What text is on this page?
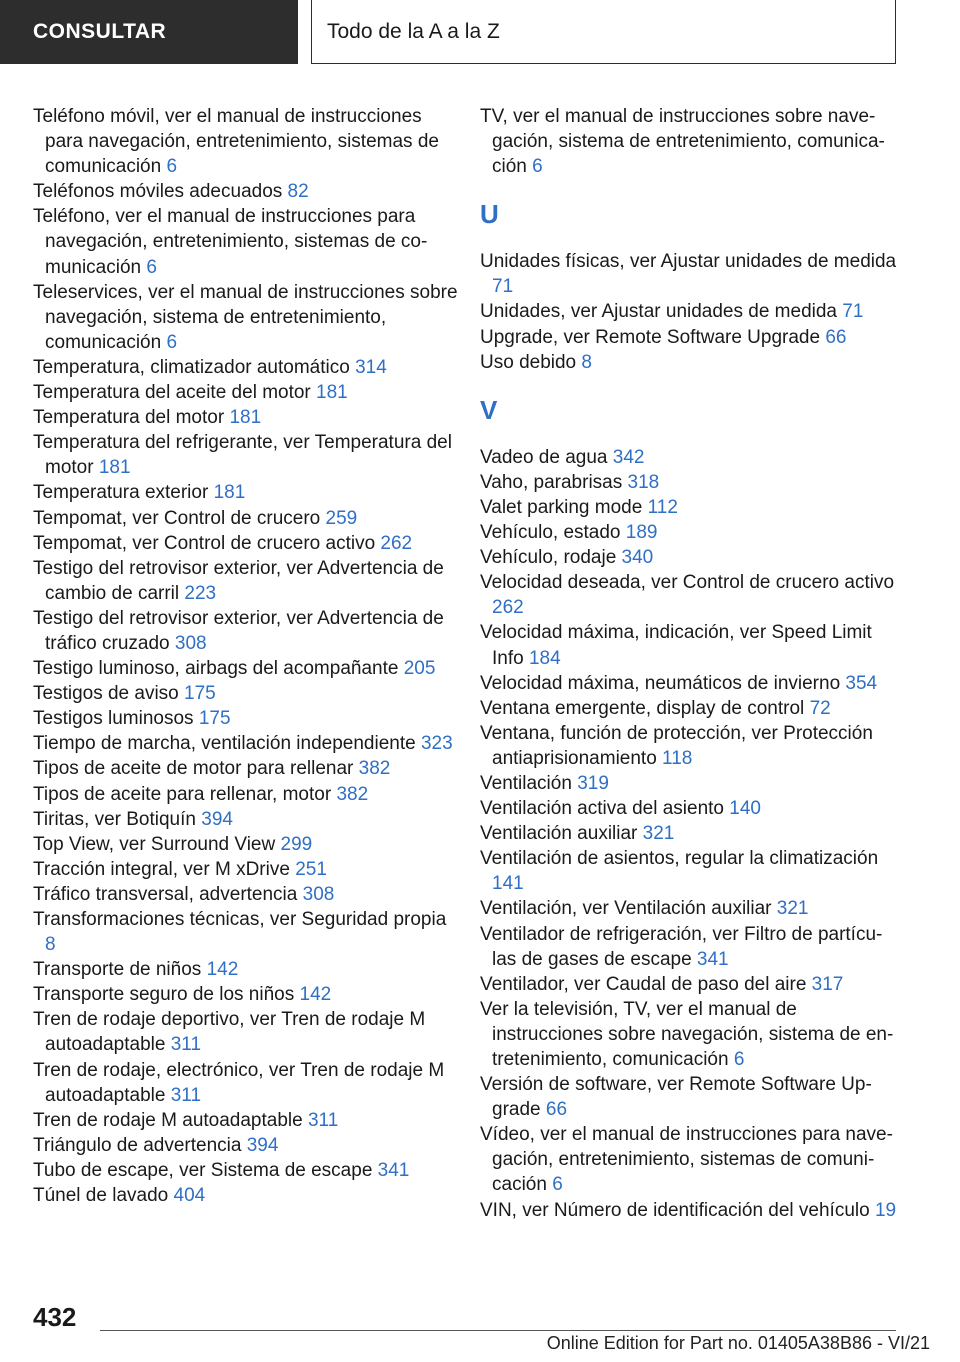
CONSULTAR	Todo de la A a la Z
Teléfono móvil, ver el manual de instrucciones para navegación, entretenimiento, sistemas de comunicación 6
Teléfonos móviles adecuados 82
Teléfono, ver el manual de instrucciones para navegación, entretenimiento, sistemas de comunicación 6
Teleservices, ver el manual de instrucciones sobre navegación, sistema de entretenimiento, comunicación 6
Temperatura, climatizador automático 314
Temperatura del aceite del motor 181
Temperatura del motor 181
Temperatura del refrigerante, ver Temperatura del motor 181
Temperatura exterior 181
Tempomat, ver Control de crucero 259
Tempomat, ver Control de crucero activo 262
Testigo del retrovisor exterior, ver Advertencia de cambio de carril 223
Testigo del retrovisor exterior, ver Advertencia de tráfico cruzado 308
Testigo luminoso, airbags del acompañante 205
Testigos de aviso 175
Testigos luminosos 175
Tiempo de marcha, ventilación independiente 323
Tipos de aceite de motor para rellenar 382
Tipos de aceite para rellenar, motor 382
Tiritas, ver Botiquín 394
Top View, ver Surround View 299
Tracción integral, ver M xDrive 251
Tráfico transversal, advertencia 308
Transformaciones técnicas, ver Seguridad propia 8
Transporte de niños 142
Transporte seguro de los niños 142
Tren de rodaje deportivo, ver Tren de rodaje M autoadaptable 311
Tren de rodaje, electrónico, ver Tren de rodaje M autoadaptable 311
Tren de rodaje M autoadaptable 311
Triángulo de advertencia 394
Tubo de escape, ver Sistema de escape 341
Túnel de lavado 404
TV, ver el manual de instrucciones sobre navegación, sistema de entretenimiento, comunicación 6
U
Unidades físicas, ver Ajustar unidades de medida 71
Unidades, ver Ajustar unidades de medida 71
Upgrade, ver Remote Software Upgrade 66
Uso debido 8
V
Vadeo de agua 342
Vaho, parabrisas 318
Valet parking mode 112
Vehículo, estado 189
Vehículo, rodaje 340
Velocidad deseada, ver Control de crucero activo 262
Velocidad máxima, indicación, ver Speed Limit Info 184
Velocidad máxima, neumáticos de invierno 354
Ventana emergente, display de control 72
Ventana, función de protección, ver Protección antiaprisionamiento 118
Ventilación 319
Ventilación activa del asiento 140
Ventilación auxiliar 321
Ventilación de asientos, regular la climatización 141
Ventilación, ver Ventilación auxiliar 321
Ventilador de refrigeración, ver Filtro de partículas de gases de escape 341
Ventilador, ver Caudal de paso del aire 317
Ver la televisión, TV, ver el manual de instrucciones sobre navegación, sistema de entretenimiento, comunicación 6
Versión de software, ver Remote Software Upgrade 66
Vídeo, ver el manual de instrucciones para navegación, entretenimiento, sistemas de comunicación 6
VIN, ver Número de identificación del vehículo 19
432
Online Edition for Part no. 01405A38B86 - VI/21
